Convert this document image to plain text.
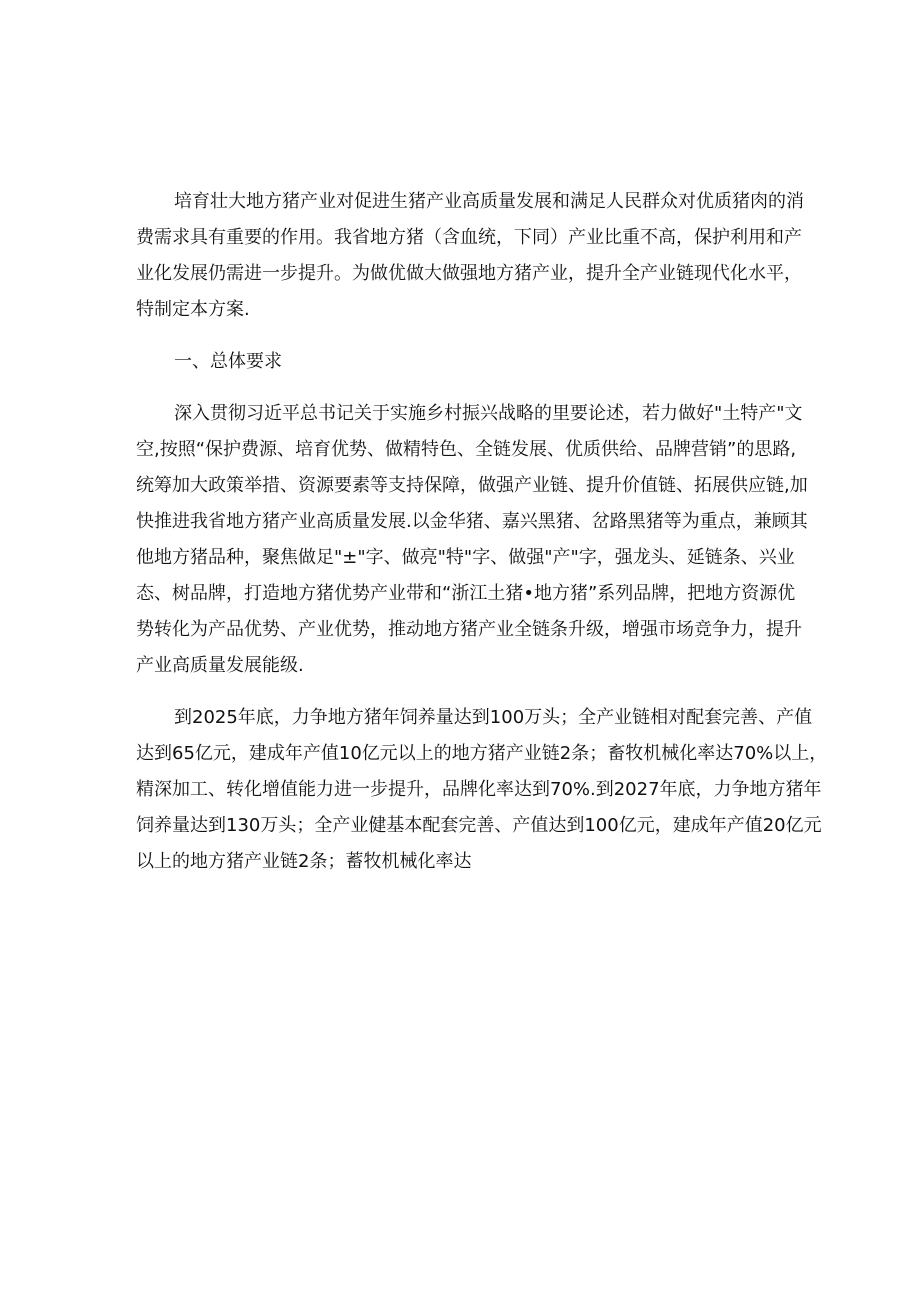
培育壮大地方猪产业对促进生猪产业高质量发展和满足人民群众对优质猪肉的消
费需求具有重要的作用。我省地方猪（含血统，下同）产业比重不高，保护利用和产
业化发展仍需进一步提升。为做优做大做强地方猪产业，提升全产业链现代化水平，
特制定本方案.
一、总体要求
深入贯彻习近平总书记关于实施乡村振兴战略的里要论述，若力做好"土特产"文
空,按照“保护费源、培育优势、做精特色、全链发展、优质供给、品牌营销”的思路,
统筹加大政策举措、资源要素等支持保障，做强产业链、提升价值链、拓展供应链,加
快推进我省地方猪产业高质量发展.以金华猪、嘉兴黑猪、岔路黑猪等为重点，兼顾其
他地方猪品种，聚焦做足"±"字、做亮"特"字、做强"产"字，强龙头、延链条、兴业
态、树品牌，打造地方猪优势产业带和“浙江土猪•地方猪”系列品牌，把地方资源优
势转化为产品优势、产业优势，推动地方猪产业全链条升级，增强市场竞争力，提升
产业高质量发展能级.
到2025年底，力争地方猪年饲养量达到100万头；全产业链相对配套完善、产值
达到65亿元，建成年产值10亿元以上的地方猪产业链2条；畜牧机械化率达70%以上，
精深加工、转化增值能力进一步提升，品牌化率达到70%.到2027年底，力争地方猪年
饲养量达到130万头；全产业健基本配套完善、产值达到100亿元，建成年产值20亿元
以上的地方猪产业链2条；蓄牧机械化率达
